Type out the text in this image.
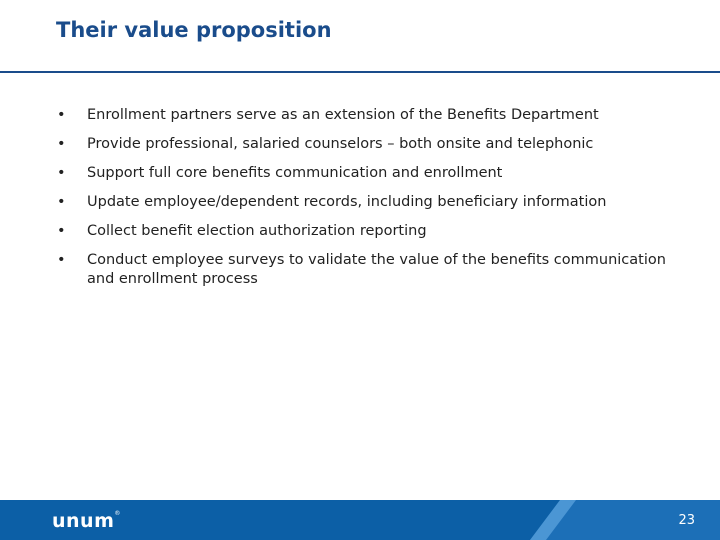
Their value proposition
• Enrollment partners serve as an extension of the Benefits Department
• Provide professional, salaried counselors – both onsite and telephonic
• Support full core benefits communication and enrollment
• Update employee/dependent records, including beneficiary information
• Collect benefit election authorization reporting
• Conduct employee surveys to validate the value of the benefits communication and enrollment process
unum®	23
